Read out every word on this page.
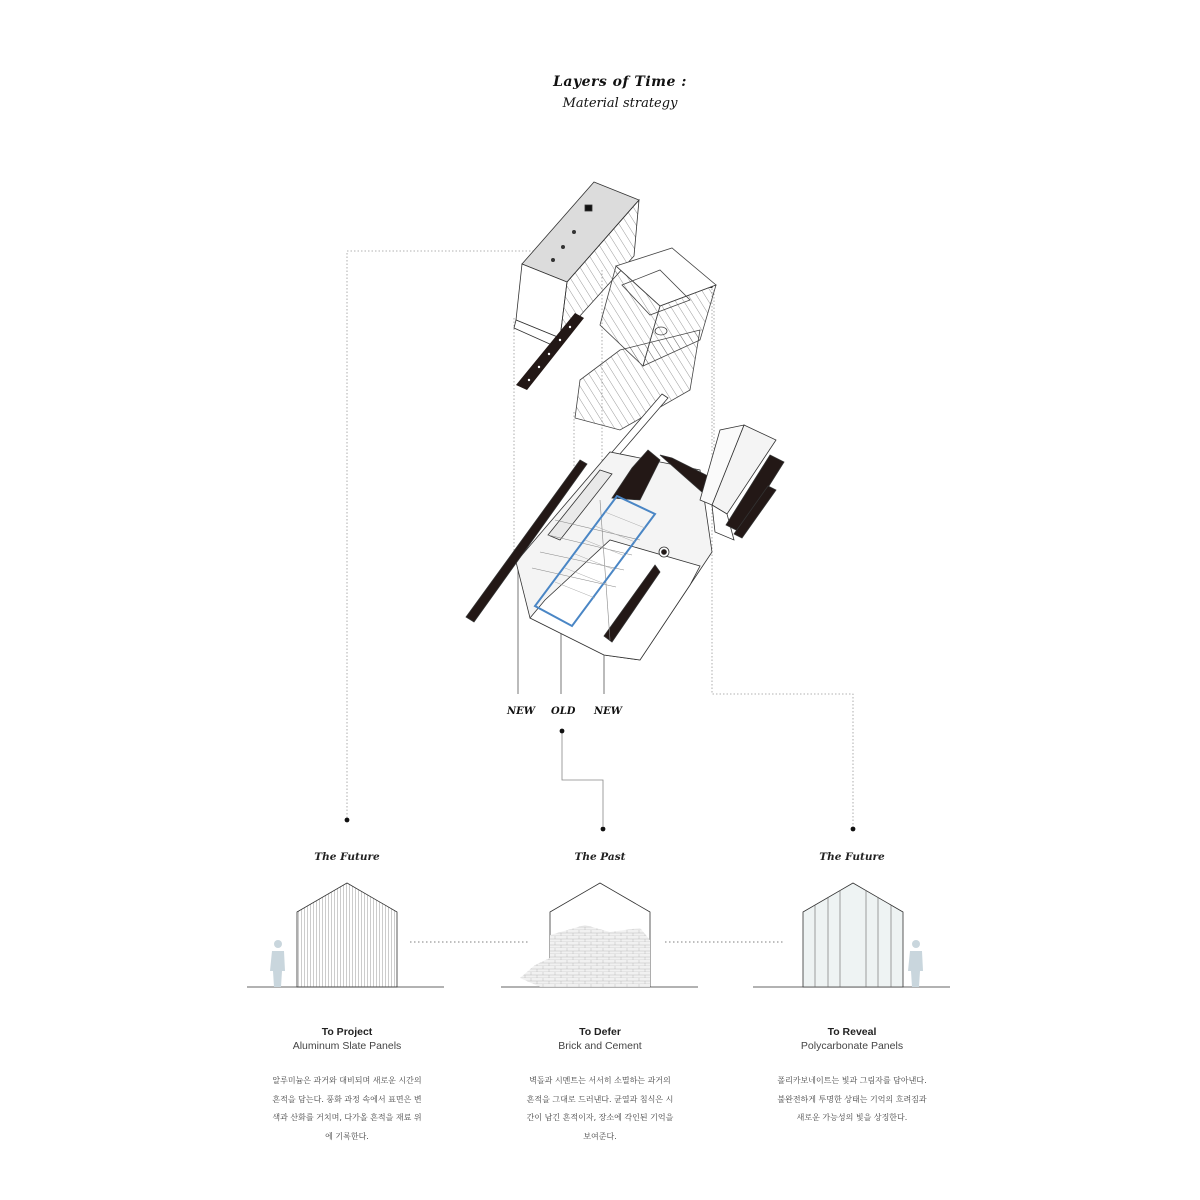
Layers of Time :
Material strategy
NEW OLD NEW
The Future
To Project
Aluminum Slate Panels
알루미늄은 과거와 대비되며 새로운 시간의 흔적을 담는다. 풍화 과정 속에서 표면은 변색과 산화를 거치며, 다가올 흔적을 재료 위에 기록한다.
The Past
To Defer
Brick and Cement
벽돌과 시멘트는 서서히 소멸하는 과거의 흔적을 그대로 드러낸다. 균열과 침식은 시간이 남긴 흔적이자, 장소에 각인된 기억을 보여준다.
The Future
To Reveal
Polycarbonate Panels
폴리카보네이트는 빛과 그림자를 담아낸다. 불완전하게 투명한 상태는 기억의 흐려짐과 새로운 가능성의 빛을 상징한다.
